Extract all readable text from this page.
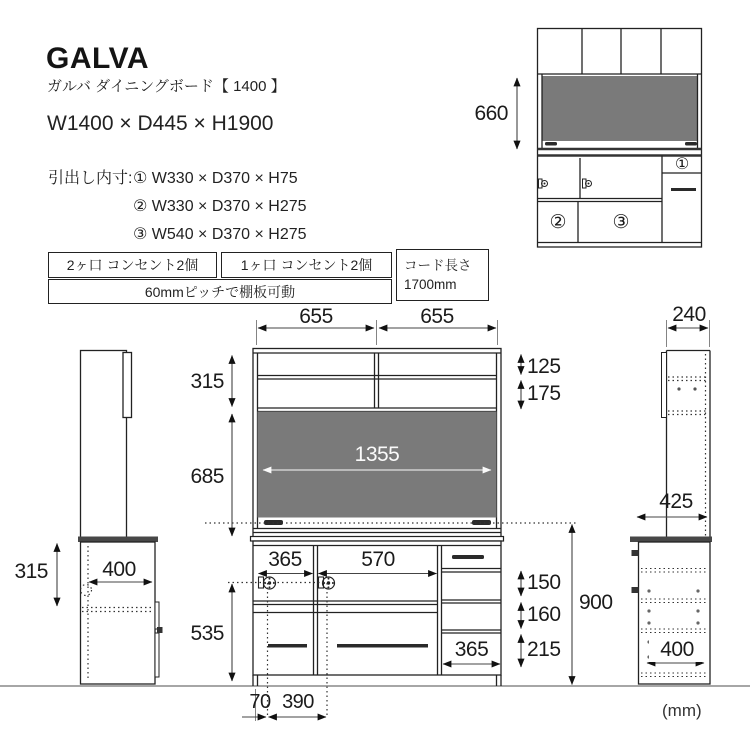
GALVA
ガルバ ダイニングボード【 1400 】
W1400 × D445 × H1900
引出し内寸: ① W330 × D370 × H75
② W330 × D370 × H275
③ W540 × D370 × H275
2ヶ口 コンセント2個	1ヶ口 コンセント2個
60mmピッチで棚板可動
コード長さ
1700mm
660
①
② ③
655	655
315
685
535
125
175
1355
365	570
150
160
215
900
365
70 390
315	400
240
425
400
(mm)
